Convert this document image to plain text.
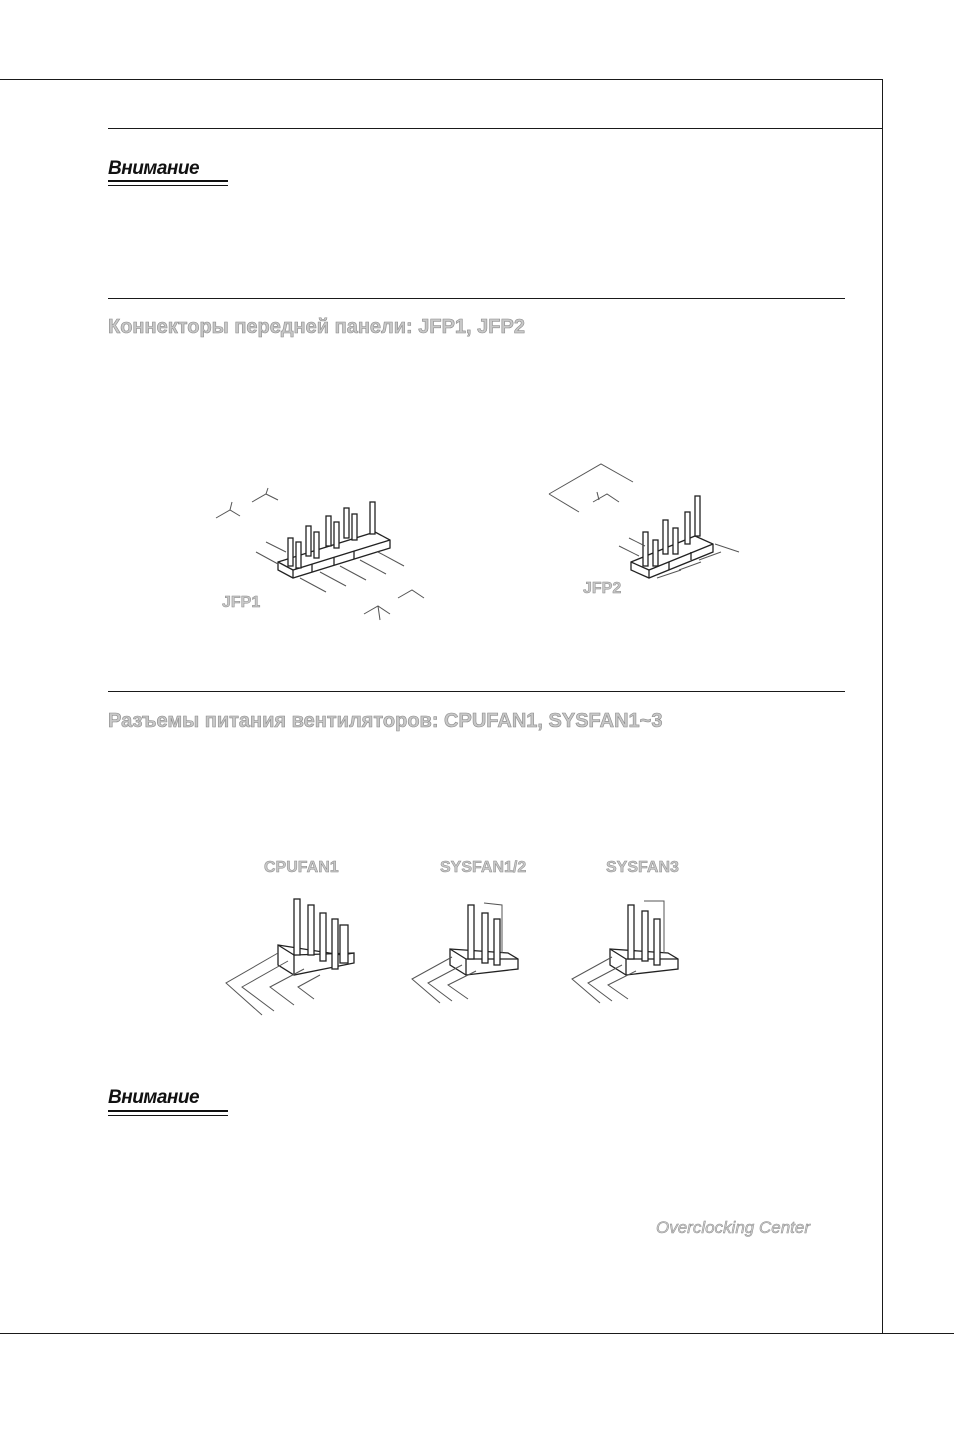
Внимание
Коннекторы передней панели: JFP1, JFP2
JFP1
JFP2
Разъемы питания вентиляторов: CPUFAN1, SYSFAN1~3
CPUFAN1	SYSFAN1/2	SYSFAN3
Внимание
Overclocking Center
